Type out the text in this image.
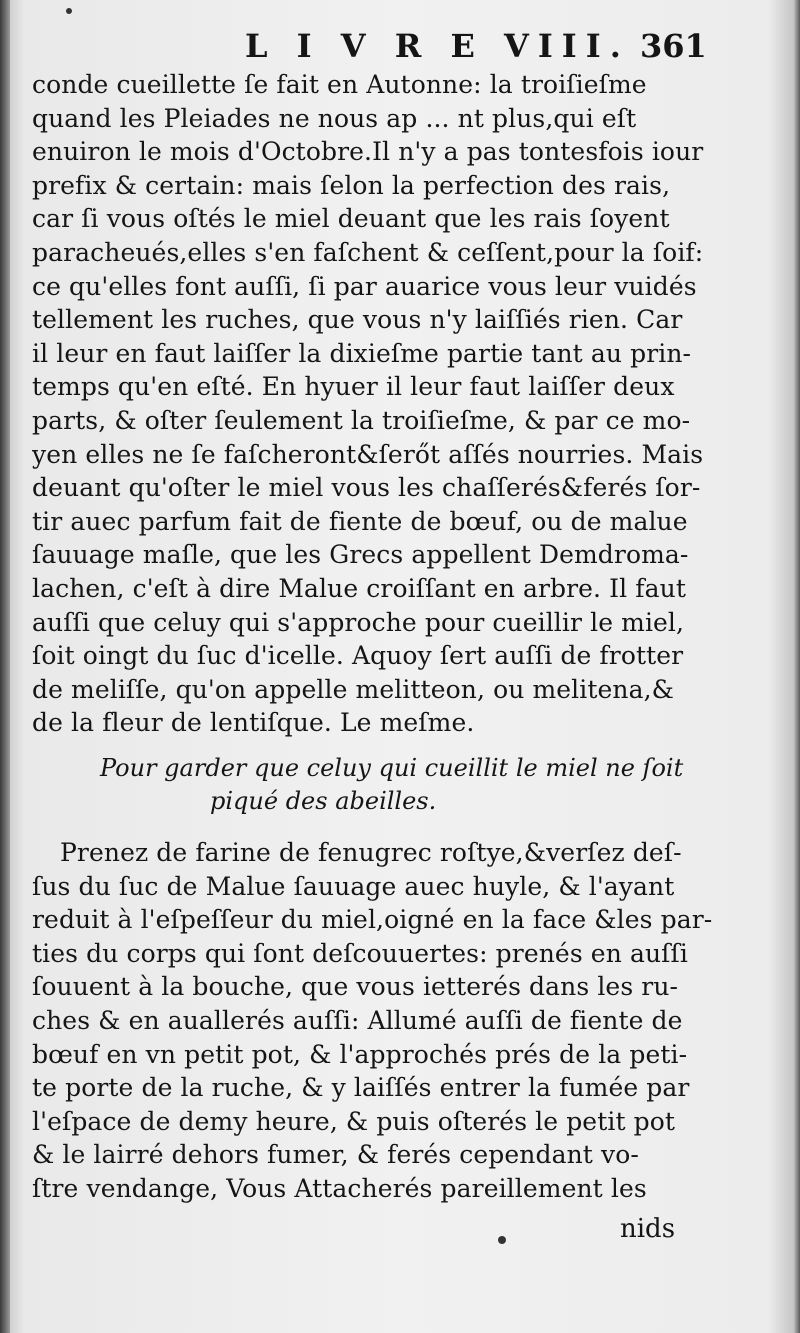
L I V R E VIII. 361
conde cueillette ſe fait en Autonne: la troiſieſme
quand les Pleiades ne nous ap ... nt plus,qui eſt
enuiron le mois d'Octobre.Il n'y a pas tontesfois iour
prefix & certain: mais ſelon la perfection des rais,
car ſi vous oſtés le miel deuant que les rais ſoyent
paracheués,elles s'en faſchent & ceſſent,pour la ſoif:
ce qu'elles font auſſi, ſi par auarice vous leur vuidés
tellement les ruches, que vous n'y laiſſiés rien. Car
il leur en faut laiſſer la dixieſme partie tant au prin-
temps qu'en eſté. En hyuer il leur faut laiſſer deux
parts, & oſter ſeulement la troiſieſme, & par ce mo-
yen elles ne ſe faſcheront&ſerőt aſſés nourries. Mais
deuant qu'oſter le miel vous les chaſſerés&ferés ſor-
tir auec parfum fait de fiente de bœuf, ou de malue
ſauuage maſle, que les Grecs appellent Demdroma-
lachen, c'eſt à dire Malue croiſſant en arbre. Il faut
auſſi que celuy qui s'approche pour cueillir le miel,
ſoit oingt du ſuc d'icelle. Aquoy ſert auſſi de frotter
de meliſſe, qu'on appelle melitteon, ou melitena,&
de la fleur de lentiſque. Le meſme.
Pour garder que celuy qui cueillit le miel ne ſoit
piqué des abeilles.
Prenez de farine de fenugrec roſtye,&verſez deſ-
ſus du ſuc de Malue ſauuage auec huyle, & l'ayant
reduit à l'eſpeſſeur du miel,oigné en la face &les par-
ties du corps qui ſont deſcouuertes: prenés en auſſi
ſouuent à la bouche, que vous ietterés dans les ru-
ches & en auallerés auſſi: Allumé auſſi de fiente de
bœuf en vn petit pot, & l'approchés prés de la peti-
te porte de la ruche, & y laiſſés entrer la fumée par
l'eſpace de demy heure, & puis oſterés le petit pot
& le lairré dehors fumer, & ferés cependant vo-
ſtre vendange, Vous Attacherés pareillement les
nids
